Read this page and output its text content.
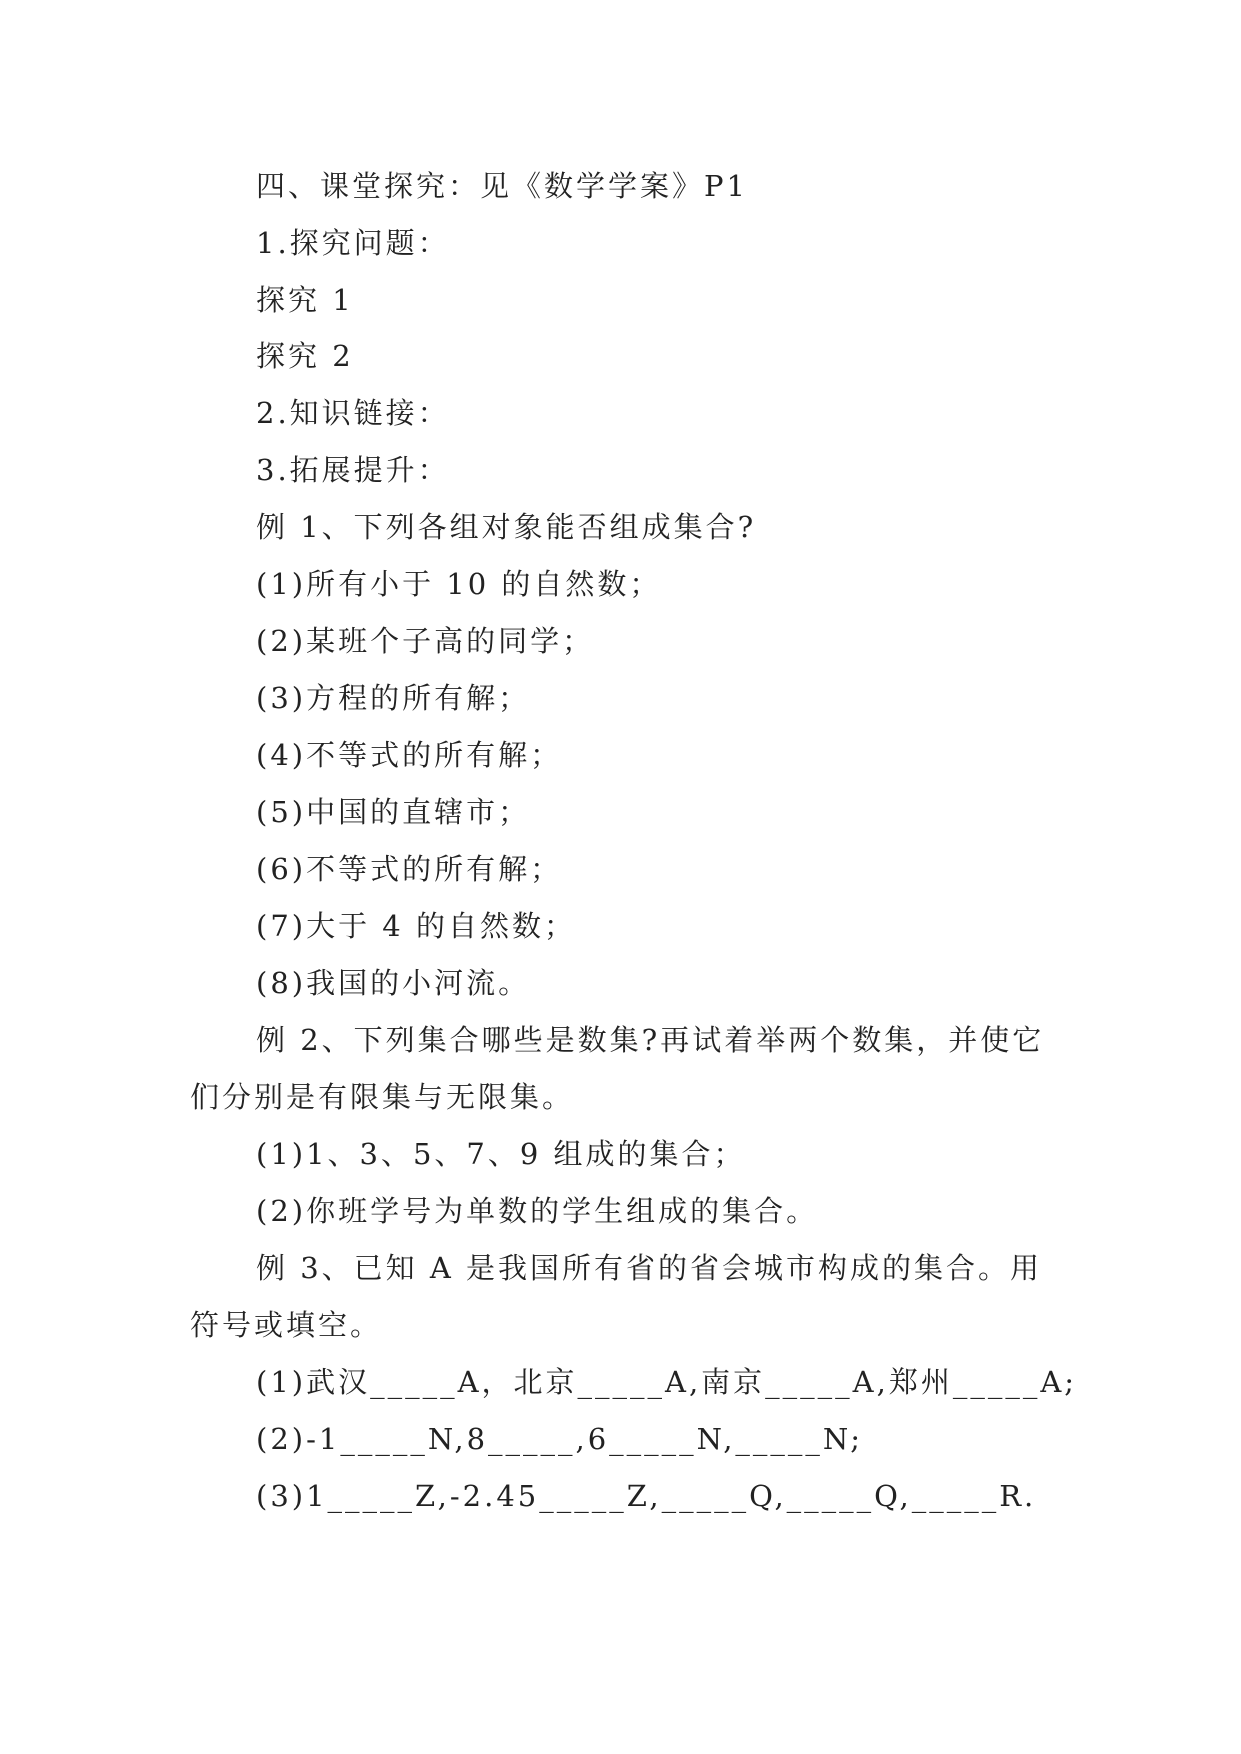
四、课堂探究：见《数学学案》P1
1.探究问题：
探究 1
探究 2
2.知识链接：
3.拓展提升：
例 1、下列各组对象能否组成集合?
(1)所有小于 10 的自然数；
(2)某班个子高的同学；
(3)方程的所有解；
(4)不等式的所有解；
(5)中国的直辖市；
(6)不等式的所有解；
(7)大于 4 的自然数；
(8)我国的小河流。
例 2、下列集合哪些是数集?再试着举两个数集，并使它
们分别是有限集与无限集。
(1)1、3、5、7、9 组成的集合；
(2)你班学号为单数的学生组成的集合。
例 3、已知 A 是我国所有省的省会城市构成的集合。用
符号或填空。
(1)武汉_____A，北京_____A,南京_____A,郑州_____A;
(2)-1_____N,8_____,6_____N,_____N;
(3)1_____Z,-2.45_____Z,_____Q,_____Q,_____R.
